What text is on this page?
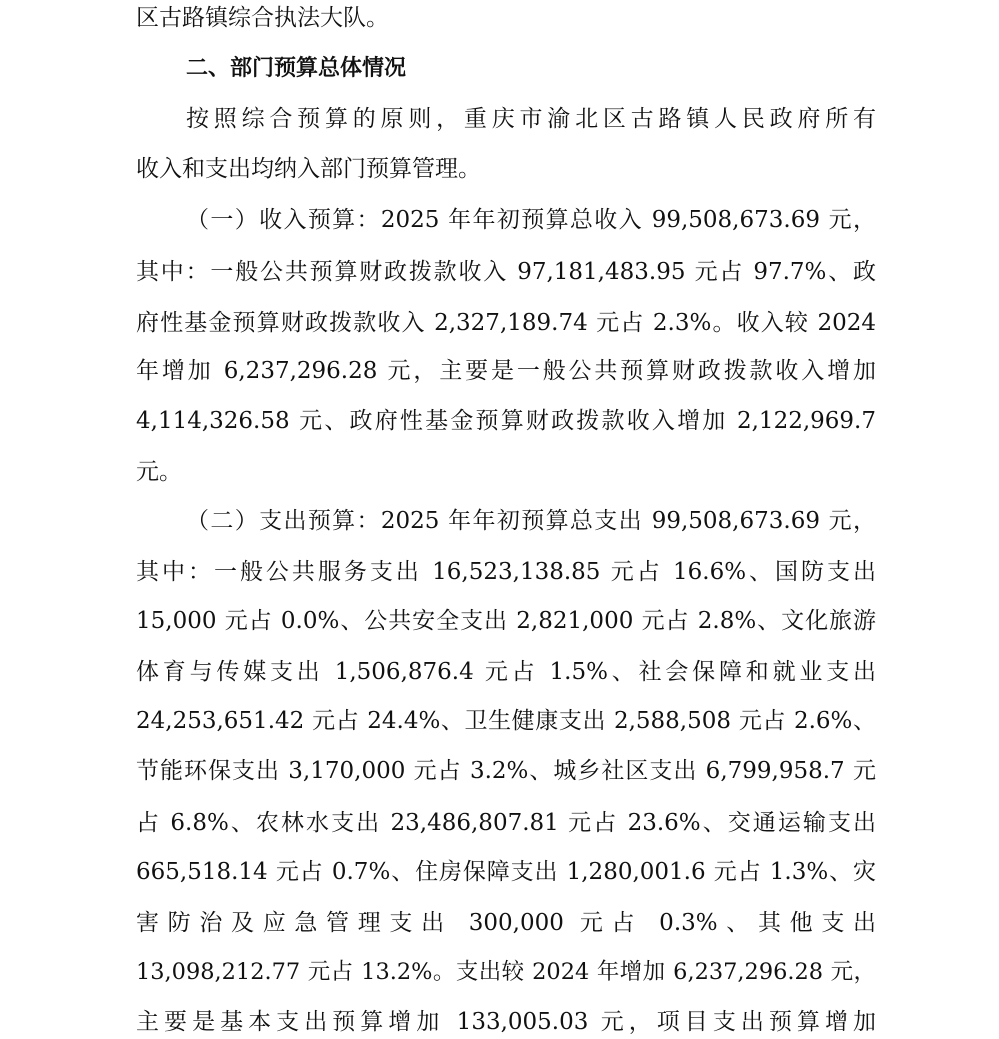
区古路镇综合执法大队。
二、部门预算总体情况
按照综合预算的原则，重庆市渝北区古路镇人民政府所有
收入和支出均纳入部门预算管理。
（一）收入预算：2025 年年初预算总收入 99,508,673.69 元，
其中：一般公共预算财政拨款收入 97,181,483.95 元占 97.7%、政
府性基金预算财政拨款收入 2,327,189.74 元占 2.3%。收入较 2024
年增加 6,237,296.28 元，主要是一般公共预算财政拨款收入增加
4,114,326.58 元、政府性基金预算财政拨款收入增加 2,122,969.7
元。
（二）支出预算：2025 年年初预算总支出 99,508,673.69 元，
其中：一般公共服务支出 16,523,138.85 元占 16.6%、国防支出
15,000 元占 0.0%、公共安全支出 2,821,000 元占 2.8%、文化旅游
体育与传媒支出 1,506,876.4 元占 1.5%、社会保障和就业支出
24,253,651.42 元占 24.4%、卫生健康支出 2,588,508 元占 2.6%、
节能环保支出 3,170,000 元占 3.2%、城乡社区支出 6,799,958.7 元
占 6.8%、农林水支出 23,486,807.81 元占 23.6%、交通运输支出
665,518.14 元占 0.7%、住房保障支出 1,280,001.6 元占 1.3%、灾
害防治及应急管理支出 300,000 元占 0.3%、其他支出
13,098,212.77 元占 13.2%。支出较 2024 年增加 6,237,296.28 元，
主要是基本支出预算增加 133,005.03 元，项目支出预算增加
